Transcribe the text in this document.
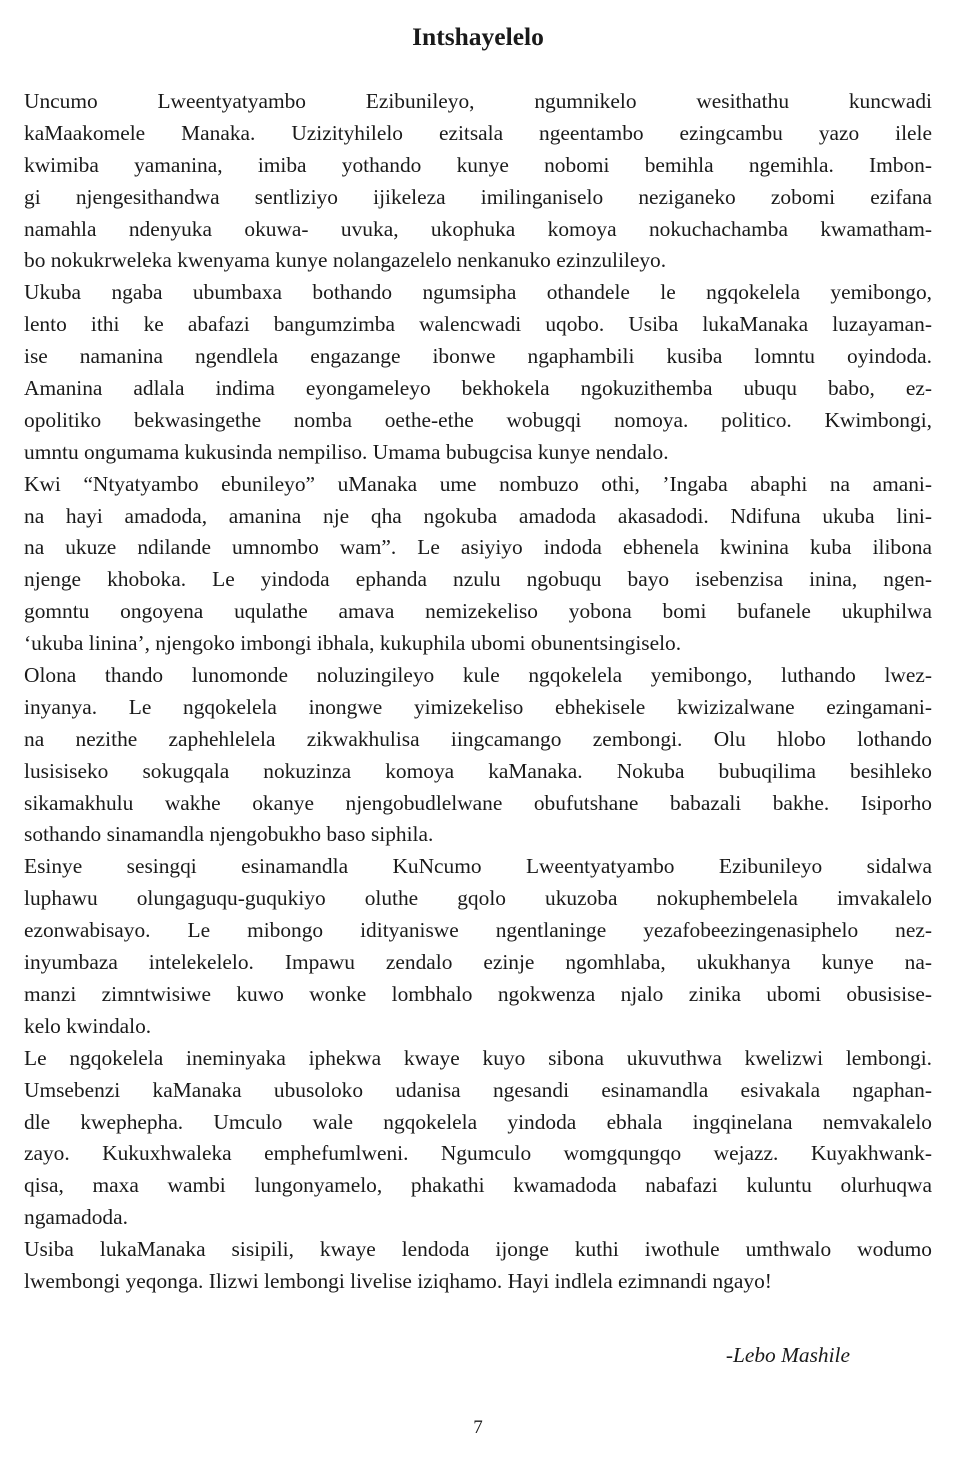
Intshayelelo

Uncumo Lweentyatyambo Ezibunileyo, ngumnikelo wesithathu kuncwadi
kaMaakomele Manaka. Uzizityhilelo ezitsala ngeentambo ezingcambu yazo ilele
kwimiba yamanina, imiba yothando kunye nobomi bemihla ngemihla. Imbon-
gi njengesithandwa sentliziyo ijikeleza imilinganiselo neziganeko zobomi ezifana
namahla ndenyuka okuwa- uvuka, ukophuka komoya nokuchachamba kwamatham-
bo nokukrweleka kwenyama kunye nolangazelelo nenkanuko ezinzulileyo.

Ukuba ngaba ubumbaxa bothando ngumsipha othandele le ngqokelela yemibongo,
lento ithi ke abafazi bangumzimba walencwadi uqobo. Usiba lukaManaka luzayaman-
ise namanina ngendlela engazange ibonwe ngaphambili kusiba lomntu oyindoda.
Amanina adlala indima eyongameleyo bekhokela ngokuzithemba ubuqu babo, ez-
opolitiko bekwasingethe nomba oethe-ethe wobugqi nomoya. politico. Kwimbongi,
umntu ongumama kukusinda nempiliso. Umama bubugcisa kunye nendalo.

Kwi “Ntyatyambo ebunileyo” uManaka ume nombuzo othi, ’Ingaba abaphi na amani-
na hayi amadoda, amanina nje qha ngokuba amadoda akasadodi. Ndifuna ukuba lini-
na ukuze ndilande umnombo wam”. Le asiyiyo indoda ebhenela kwinina kuba ilibona
njenge khoboka. Le yindoda ephanda nzulu ngobuqu bayo isebenzisa inina, ngen-
gomntu ongoyena uqulathe amava nemizekeliso yobona bomi bufanele ukuphilwa
‘ukuba linina’, njengoko imbongi ibhala, kukuphila ubomi obunentsingiselo.

Olona thando lunomonde noluzingileyo kule ngqokelela yemibongo, luthando lwez-
inyanya. Le ngqokelela inongwe yimizekeliso ebhekisele kwizizalwane ezingamani-
na nezithe zaphehlelela zikwakhulisa iingcamango zembongi. Olu hlobo lothando
lusisiseko sokugqala nokuzinza komoya kaManaka. Nokuba bubuqilima besihleko
sikamakhulu wakhe okanye njengobudlelwane obufutshane babazali bakhe. Isiporho
sothando sinamandla njengobukho baso siphila.

Esinye sesingqi esinamandla KuNcumo Lweentyatyambo Ezibunileyo sidalwa
luphawu olungaguqu-guqukiyo oluthe gqolo ukuzoba nokuphembelela imvakalelo
ezonwabisayo. Le mibongo idityaniswe ngentlaninge yezafobeezingenasiphelo nez-
inyumbaza intelekelelo. Impawu zendalo ezinje ngomhlaba, ukukhanya kunye na-
manzi zimntwisiwe kuwo wonke lombhalo ngokwenza njalo zinika ubomi obusisise-
kelo kwindalo.

Le ngqokelela ineminyaka iphekwa kwaye kuyo sibona ukuvuthwa kwelizwi lembongi.
Umsebenzi kaManaka ubusoloko udanisa ngesandi esinamandla esivakala ngaphan-
dle kwephepha. Umculo wale ngqokelela yindoda ebhala ingqinelana nemvakalelo
zayo. Kukuxhwaleka emphefumlweni. Ngumculo womgqungqo wejazz. Kuyakhwank-
qisa, maxa wambi lungonyamelo, phakathi kwamadoda nabafazi kuluntu olurhuqwa
ngamadoda.

Usiba lukaManaka sisipili, kwaye lendoda ijonge kuthi iwothule umthwalo wodumo
lwembongi yeqonga. Ilizwi lembongi livelise iziqhamo. Hayi indlela ezimnandi ngayo!

-Lebo Mashile

7
